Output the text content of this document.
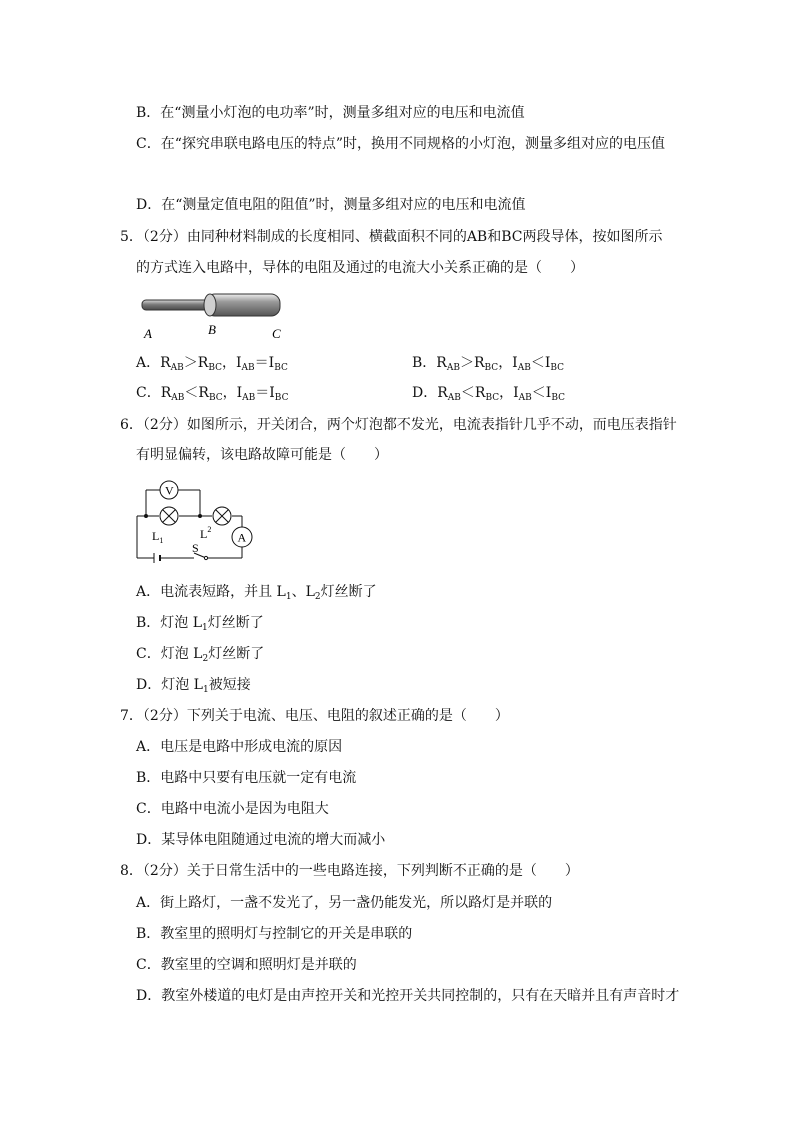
B．在“测量小灯泡的电功率”时，测量多组对应的电压和电流值
C．在“探究串联电路电压的特点”时，换用不同规格的小灯泡，测量多组对应的电压值
D．在“测量定值电阻的阻值”时，测量多组对应的电压和电流值
5．（2分）由同种材料制成的长度相同、横截面积不同的AB和BC两段导体，按如图所示
的方式连入电路中，导体的电阻及通过的电流大小关系正确的是（　　）
A	B	C
A．$R_{AB}>R_{BC}$，$I_{AB}=I_{BC}$	B．$R_{AB}>R_{BC}$，$I_{AB}<I_{BC}$
C．$R_{AB}<R_{BC}$，$I_{AB}=I_{BC}$	D．$R_{AB}<R_{BC}$，$I_{AB}<I_{BC}$
6．（2分）如图所示，开关闭合，两个灯泡都不发光，电流表指针几乎不动，而电压表指针
有明显偏转，该电路故障可能是（　　）
V
A
$L_1$	$L^2$
S
A．电流表短路，并且 $L_1$、$L_2$灯丝断了
B．灯泡 $L_1$灯丝断了
C．灯泡 $L_2$灯丝断了
D．灯泡 $L_1$被短接
7．（2分）下列关于电流、电压、电阻的叙述正确的是（　　）
A．电压是电路中形成电流的原因
B．电路中只要有电压就一定有电流
C．电路中电流小是因为电阻大
D．某导体电阻随通过电流的增大而减小
8．（2分）关于日常生活中的一些电路连接，下列判断不正确的是（　　）
A．街上路灯，一盏不发光了，另一盏仍能发光，所以路灯是并联的
B．教室里的照明灯与控制它的开关是串联的
C．教室里的空调和照明灯是并联的
D．教室外楼道的电灯是由声控开关和光控开关共同控制的，只有在天暗并且有声音时才
